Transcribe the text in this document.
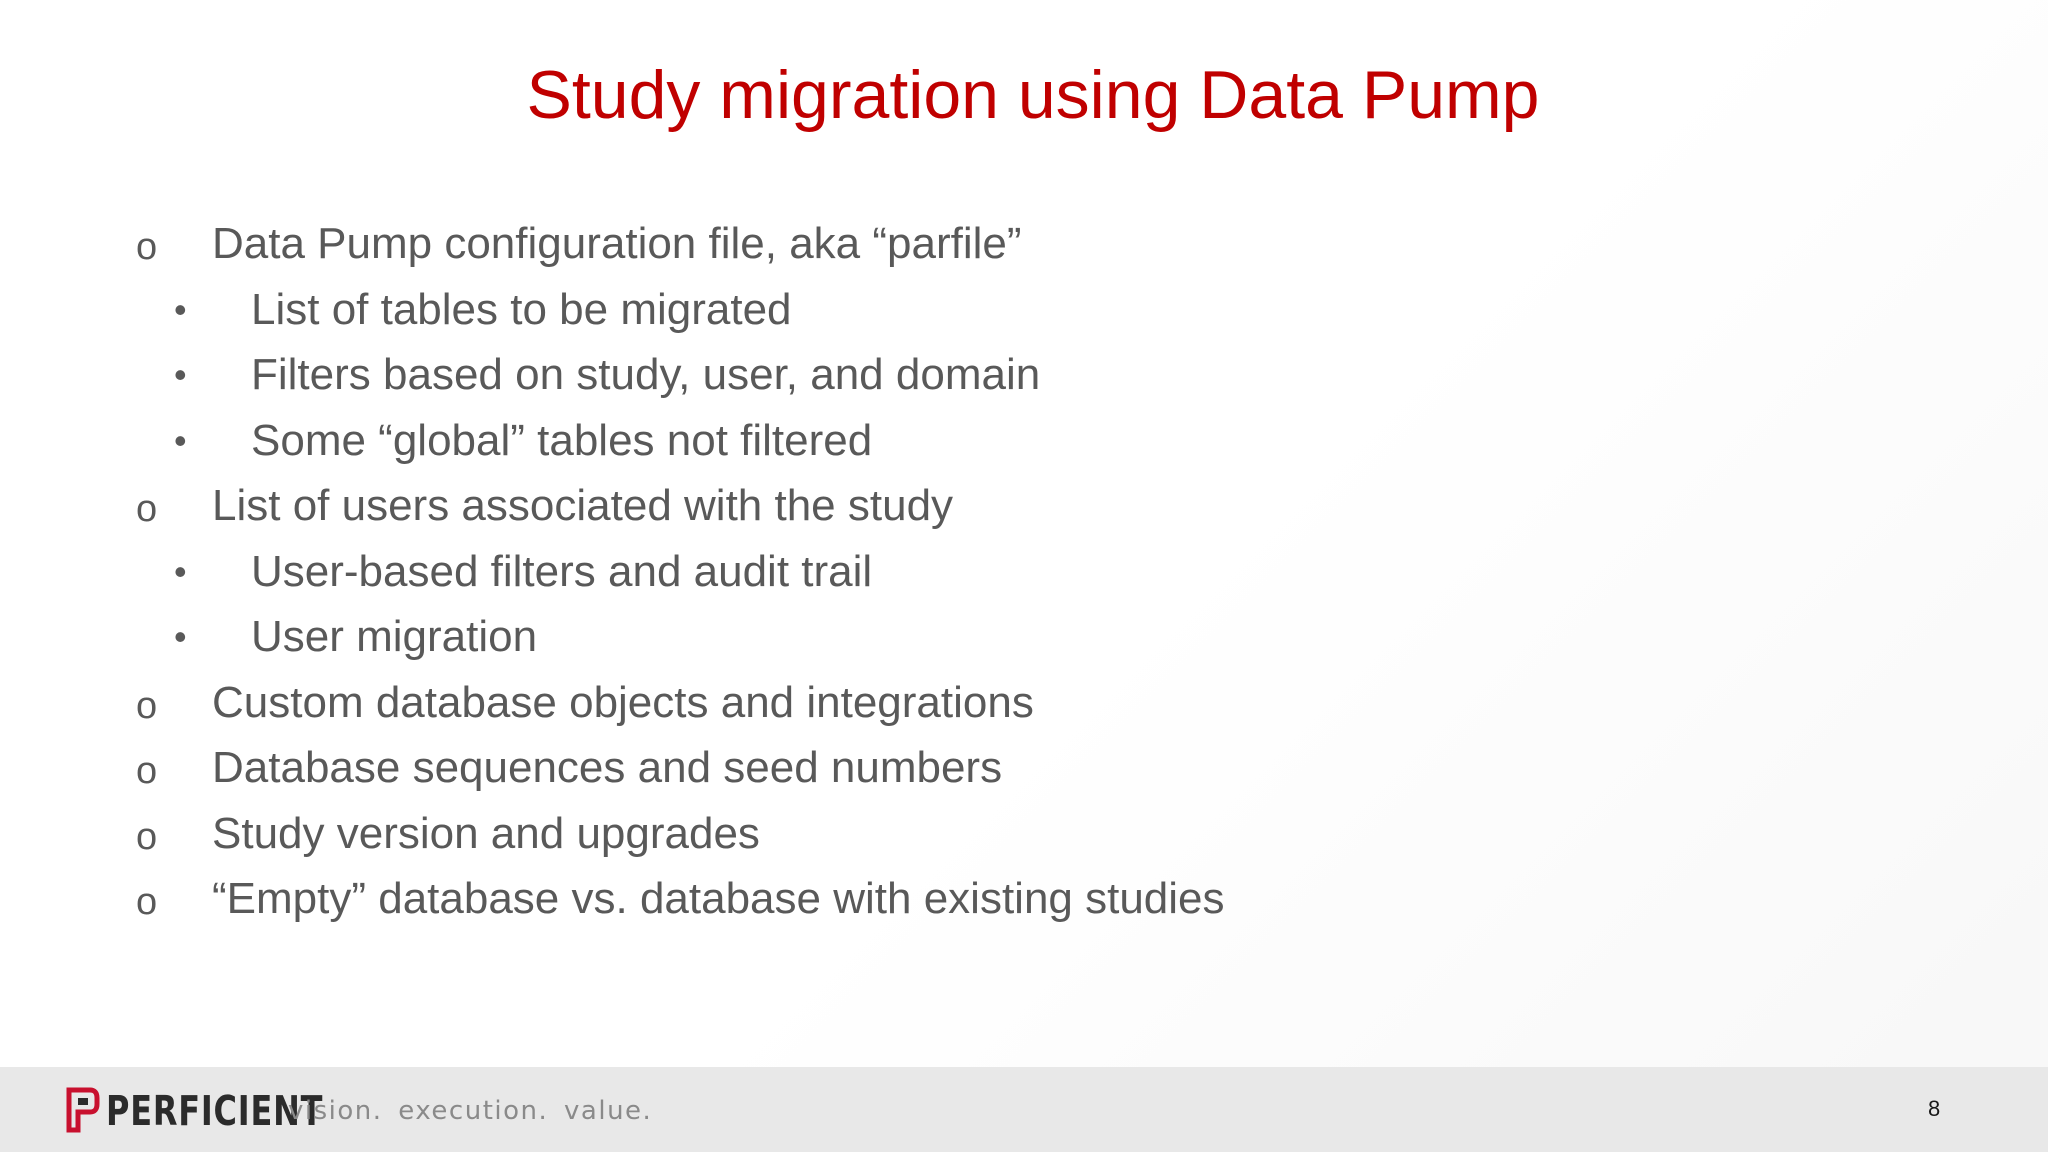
Study migration using Data Pump
o Data Pump configuration file, aka “parfile”
• List of tables to be migrated
• Filters based on study, user, and domain
• Some “global” tables not filtered
o List of users associated with the study
• User-based filters and audit trail
• User migration
o Custom database objects and integrations
o Database sequences and seed numbers
o Study version and upgrades
o “Empty” database vs. database with existing studies
PERFICIENT
vision. execution. value.	8
